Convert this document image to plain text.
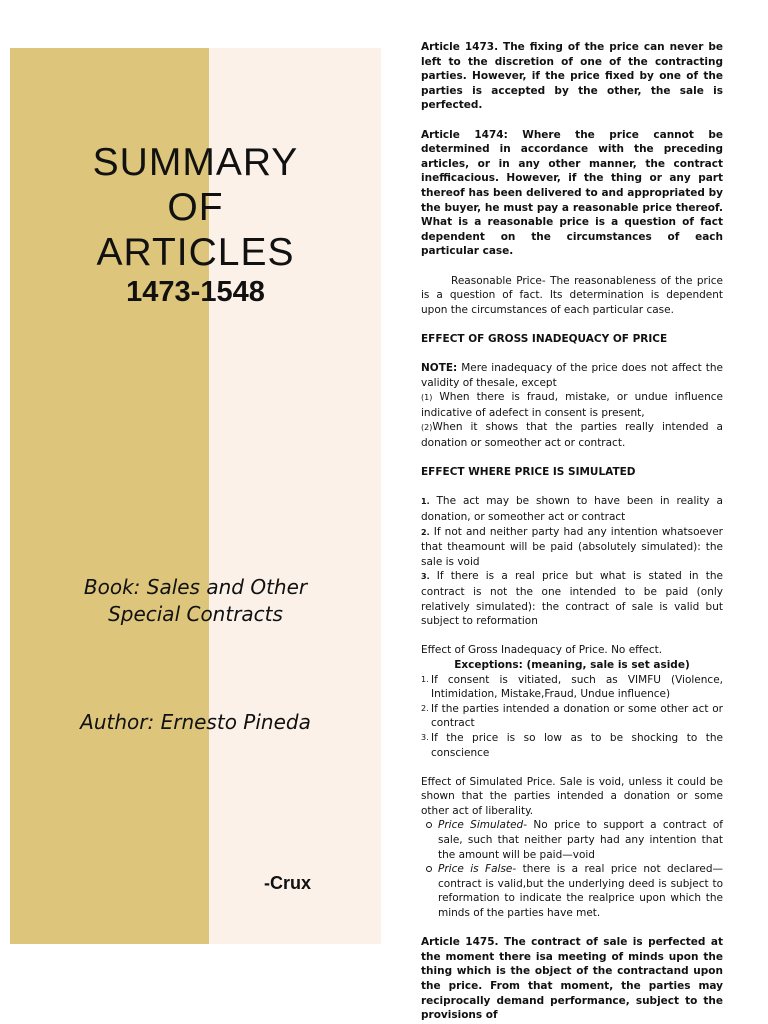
SUMMARY
OF
ARTICLES
1473-1548
Book: Sales and Other
Special Contracts
Author: Ernesto Pineda
-Crux

Article 1473. The fixing of the price can never be left to the discretion of one of the contracting parties. However, if the price fixed by one of the parties is accepted by the other, the sale is perfected.

Article 1474: Where the price cannot be determined in accordance with the preceding articles, or in any other manner, the contract inefficacious. However, if the thing or any part thereof has been delivered to and appropriated by the buyer, he must pay a reasonable price thereof. What is a reasonable price is a question of fact dependent on the circumstances of each particular case.

Reasonable Price- The reasonableness of the price is a question of fact. Its determination is dependent upon the circumstances of each particular case.

EFFECT OF GROSS INADEQUACY OF PRICE

NOTE: Mere inadequacy of the price does not affect the validity of thesale, except
(1) When there is fraud, mistake, or undue influence indicative of adefect in consent is present,
(2)When it shows that the parties really intended a donation or someother act or contract.

EFFECT WHERE PRICE IS SIMULATED

1. The act may be shown to have been in reality a donation, or someother act or contract
2. If not and neither party had any intention whatsoever that theamount will be paid (absolutely simulated): the sale is void
3. If there is a real price but what is stated in the contract is not the one intended to be paid (only relatively simulated): the contract of sale is valid but subject to reformation
Effect of Gross Inadequacy of Price. No effect.
Exceptions: (meaning, sale is set aside)
1. If consent is vitiated, such as VIMFU (Violence, Intimidation, Mistake,Fraud, Undue influence)
2. If the parties intended a donation or some other act or contract
3. If the price is so low as to be shocking to the conscience
Effect of Simulated Price. Sale is void, unless it could be shown that the parties intended a donation or some other act of liberality.
Price Simulated- No price to support a contract of sale, such that neither party had any intention that the amount will be paid—void
Price is False- there is a real price not declared—contract is valid,but the underlying deed is subject to reformation to indicate the realprice upon which the minds of the parties have met.

Article 1475. The contract of sale is perfected at the moment there isa meeting of minds upon the thing which is the object of the contractand upon the price. From that moment, the parties may reciprocally demand performance, subject to the provisions of
